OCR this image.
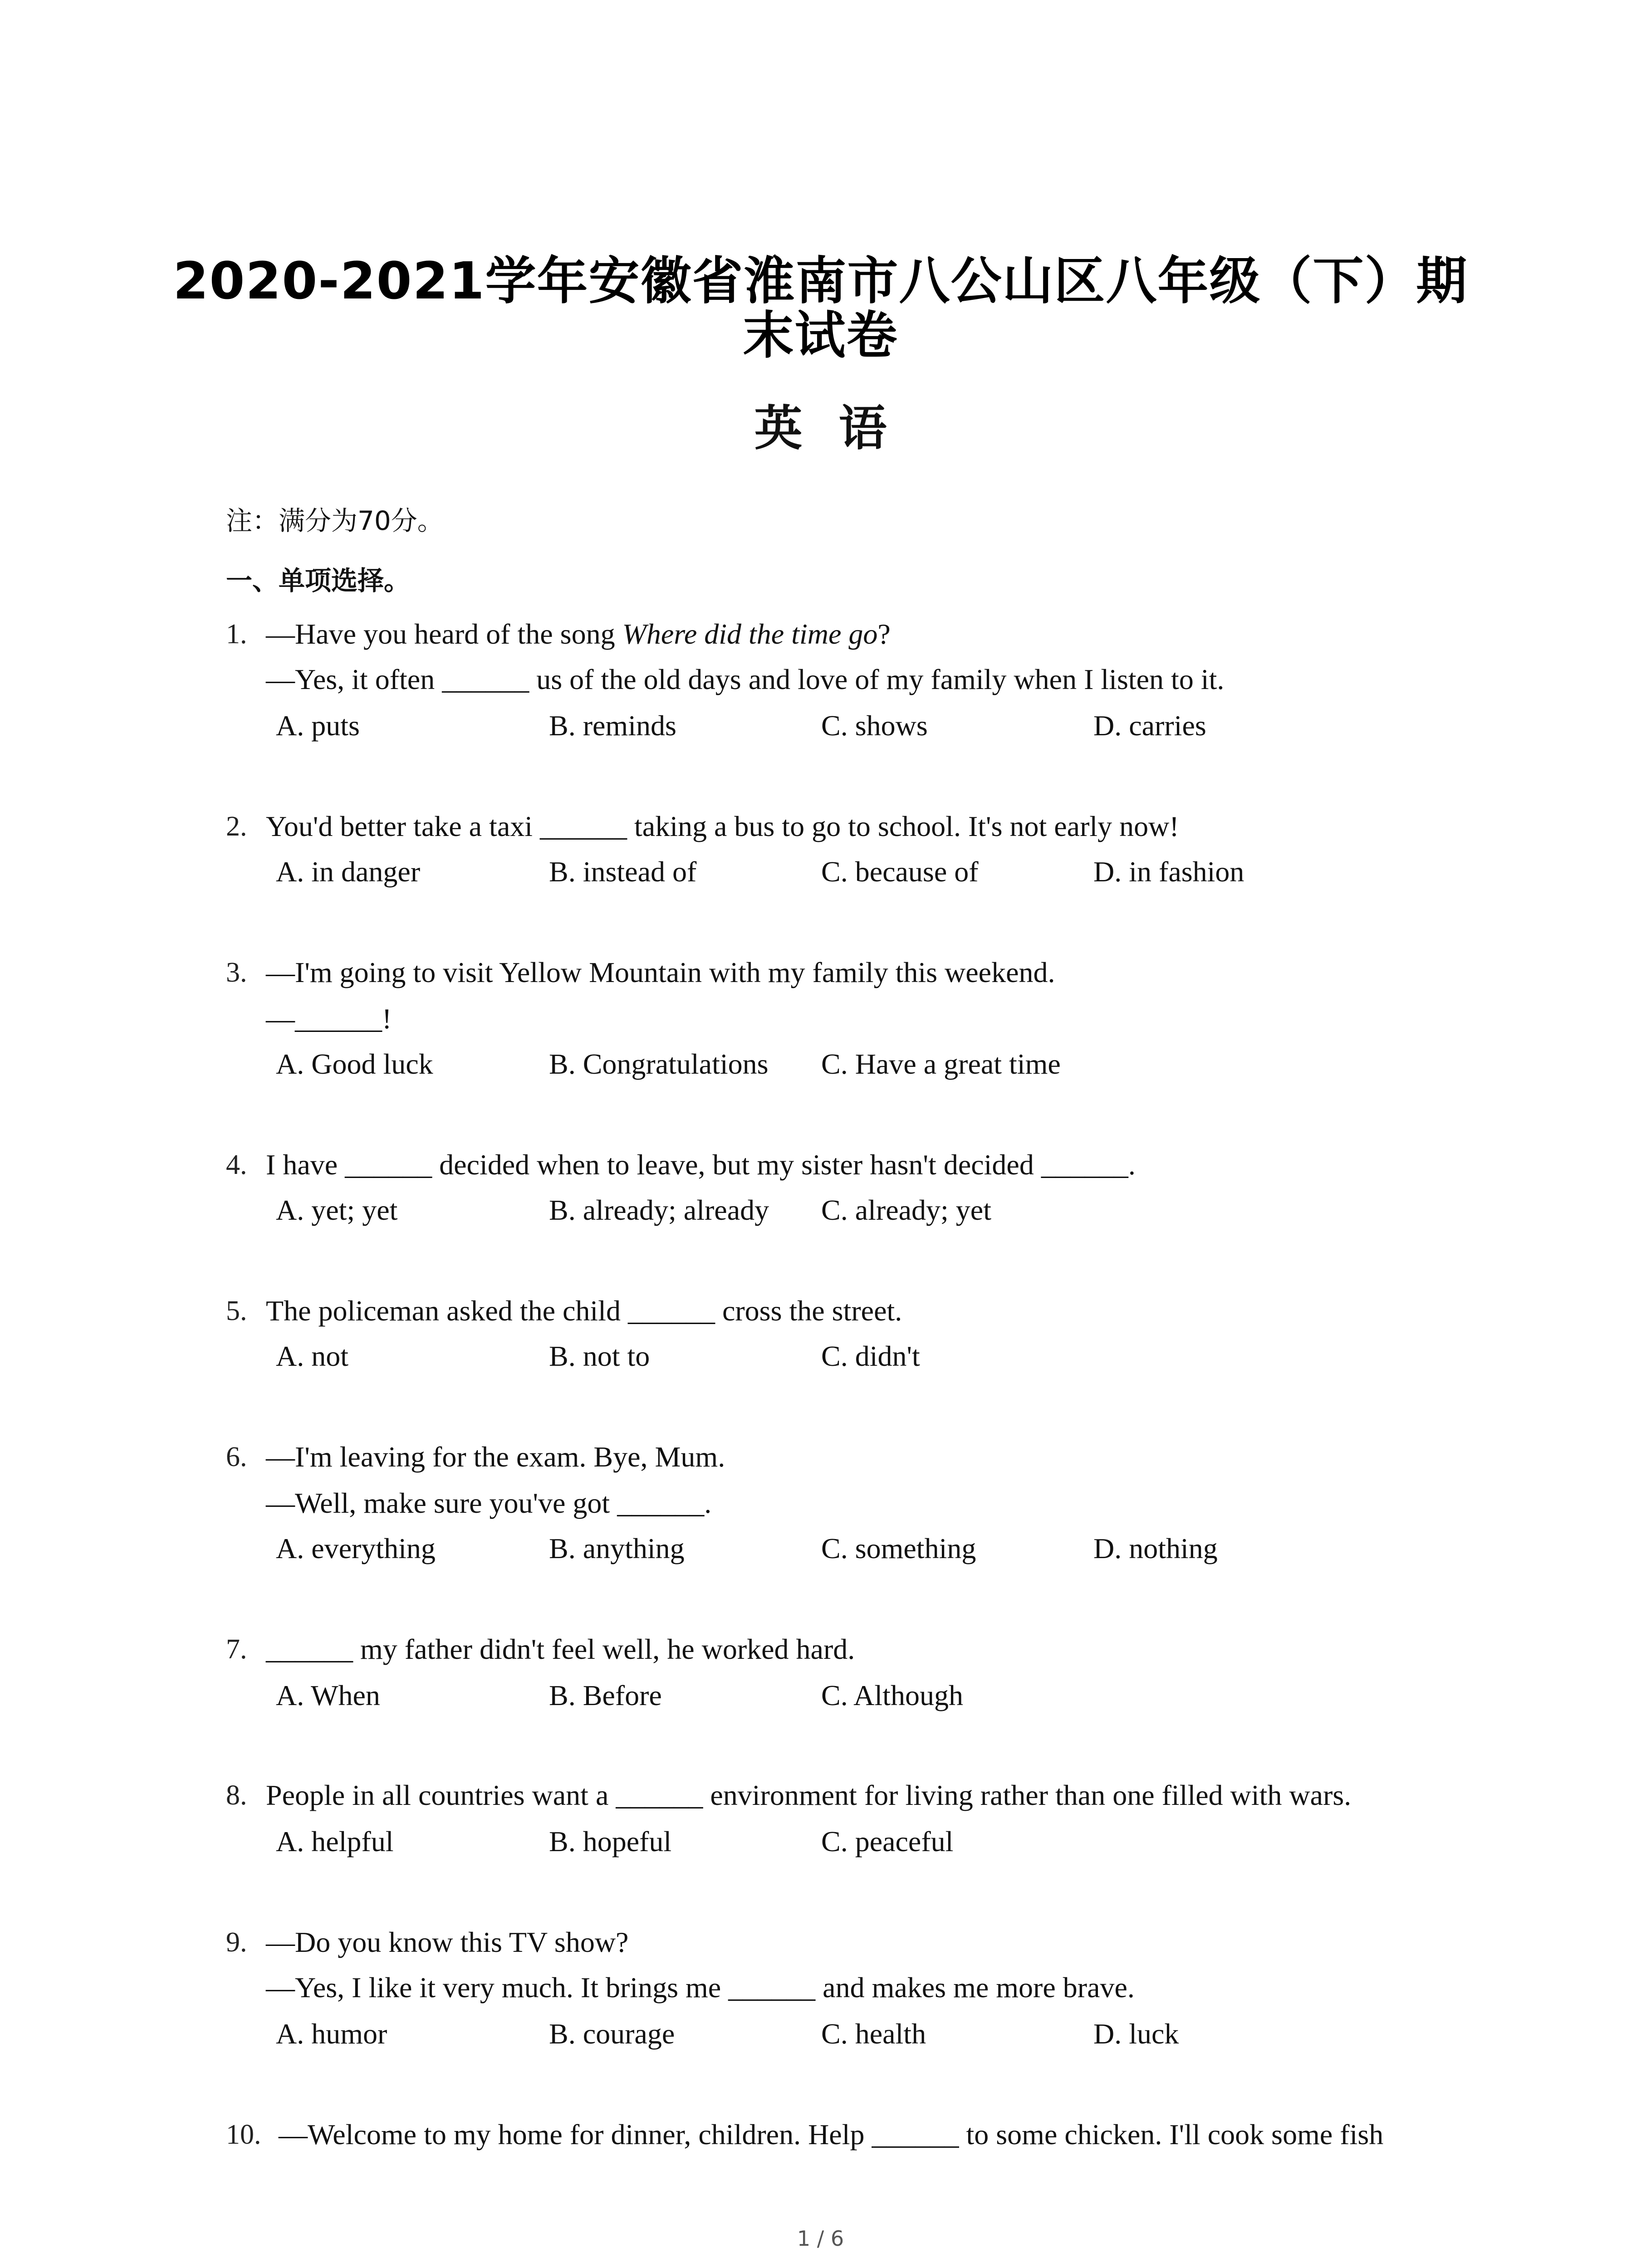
2020-2021学年安徽省淮南市八公山区八年级（下）期
末试卷
英语
注：满分为70分。
一、单项选择。
1. —Have you heard of the song Where did the time go?
—Yes, it often ______ us of the old days and love of my family when I listen to it.
A. puts	B. reminds	C. shows	D. carries
2. You'd better take a taxi ______ taking a bus to go to school. It's not early now!
A. in danger	B. instead of	C. because of	D. in fashion
3. —I'm going to visit Yellow Mountain with my family this weekend.
—______!
A. Good luck	B. Congratulations C. Have a great time
4. I have ______ decided when to leave, but my sister hasn't decided ______.
A. yet; yet	B. already; already C. already; yet
5. The policeman asked the child ______ cross the street.
A. not	B. not to	C. didn't
6. —I'm leaving for the exam. Bye, Mum.
—Well, make sure you've got ______.
A. everything	B. anything	C. something	D. nothing
7. ______ my father didn't feel well, he worked hard.
A. When	B. Before	C. Although
8. People in all countries want a ______ environment for living rather than one filled with wars.
A. helpful	B. hopeful	C. peaceful
9. —Do you know this TV show?
—Yes, I like it very much. It brings me ______ and makes me more brave.
A. humor	B. courage	C. health	D. luck
10. —Welcome to my home for dinner, children. Help ______ to some chicken. I'll cook some fish
1 / 6
